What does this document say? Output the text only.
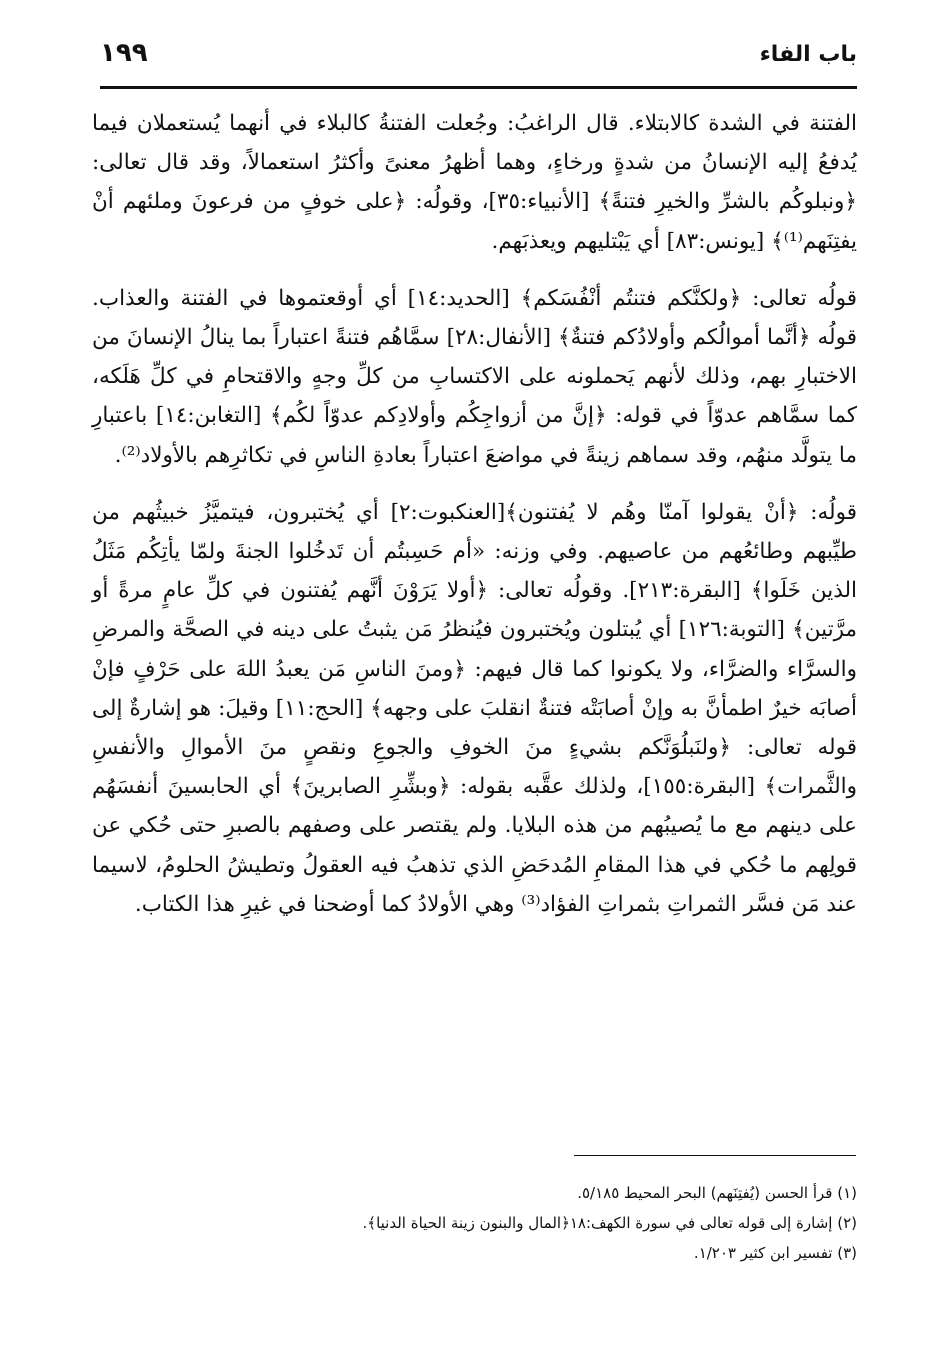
باب الفاء
١٩٩

الفتنة في الشدة كالابتلاء. قال الراغبُ: وجُعلت الفتنةُ كالبلاء في أنهما يُستعملان فيما يُدفعُ إليه الإنسانُ من شدةٍ ورخاءٍ، وهما أظهرُ معنىً وأكثرُ استعمالاً، وقد قال تعالى: ﴿ونبلوكُم بالشرِّ والخيرِ فتنةً﴾ [الأنبياء:٣٥]، وقولُه: ﴿على خوفٍ من فرعونَ وملئهم أنْ يفتِنَهم⁽¹⁾﴾ [يونس:٨٣] أي يَبْتليهم ويعذبَهم.

قولُه تعالى: ﴿ولكنَّكم فتنتُم أنْفُسَكم﴾ [الحديد:١٤] أي أوقعتموها في الفتنة والعذاب. قولُه ﴿أنَّما أموالُكم وأولادُكم فتنةٌ﴾ [الأنفال:٢٨] سمَّاهُم فتنةً اعتباراً بما ينالُ الإنسانَ من الاختبارِ بهم، وذلك لأنهم يَحملونه على الاكتسابِ من كلِّ وجهٍ والاقتحامِ في كلِّ هَلَكه، كما سمَّاهم عدوّاً في قوله: ﴿إنَّ من أزواجِكُم وأولادِكم عدوّاً لكُم﴾ [التغابن:١٤] باعتبارِ ما يتولَّد منهُم، وقد سماهم زينةً في مواضعَ اعتباراً بعادةِ الناسِ في تكاثرِهم بالأولاد⁽²⁾.

قولُه: ﴿أنْ يقولوا آمنّا وهُم لا يُفتنون﴾[العنكبوت:٢] أي يُختبرون، فيتميَّزُ خبيثُهم من طيِّبهم وطائعُهم من عاصيهم. وفي وزنه: «أم حَسِبتُم أن تَدخُلوا الجنةَ ولمّا يأتِكُم مَثَلُ الذين خَلَوا﴾ [البقرة:٢١٣]. وقولُه تعالى: ﴿أولا يَرَوْنَ أنَّهم يُفتنون في كلِّ عامٍ مرةً أو مرَّتين﴾ [التوبة:١٢٦] أي يُبتلون ويُختبرون فيُنظرُ مَن يثبتُ على دينه في الصحَّة والمرضِ والسرَّاء والضرَّاء، ولا يكونوا كما قال فيهم: ﴿ومنَ الناسِ مَن يعبدُ اللهَ على حَرْفٍ فإنْ أصابَه خيرٌ اطمأنَّ به وإنْ أصابَتْه فتنةٌ انقلبَ على وجهه﴾ [الحج:١١] وقيلَ: هو إشارةٌ إلى قوله تعالى: ﴿ولنَبلُوَنَّكم بشيءٍ منَ الخوفِ والجوعِ ونقصٍ منَ الأموالِ والأنفسِ والثَّمرات﴾ [البقرة:١٥٥]، ولذلك عقَّبه بقوله: ﴿وبشِّرِ الصابرينَ﴾ أي الحابسينَ أنفسَهُم على دينهم مع ما يُصيبُهم من هذه البلايا. ولم يقتصر على وصفهم بالصبرِ حتى حُكي عن قولِهم ما حُكي في هذا المقامِ المُدحَضِ الذي تذهبُ فيه العقولُ وتطيشُ الحلومُ، لاسيما عند مَن فسَّر الثمراتِ بثمراتِ الفؤاد⁽³⁾ وهي الأولادُ كما أوضحنا في غيرِ هذا الكتاب.

(١) قرأ الحسن (يُفتِنَهم) البحر المحيط ٥/١٨٥.
(٢) إشارة إلى قوله تعالى في سورة الكهف:١٨﴿المال والبنون زينة الحياة الدنيا﴾.
(٣) تفسير ابن كثير ١/٢٠٣.
